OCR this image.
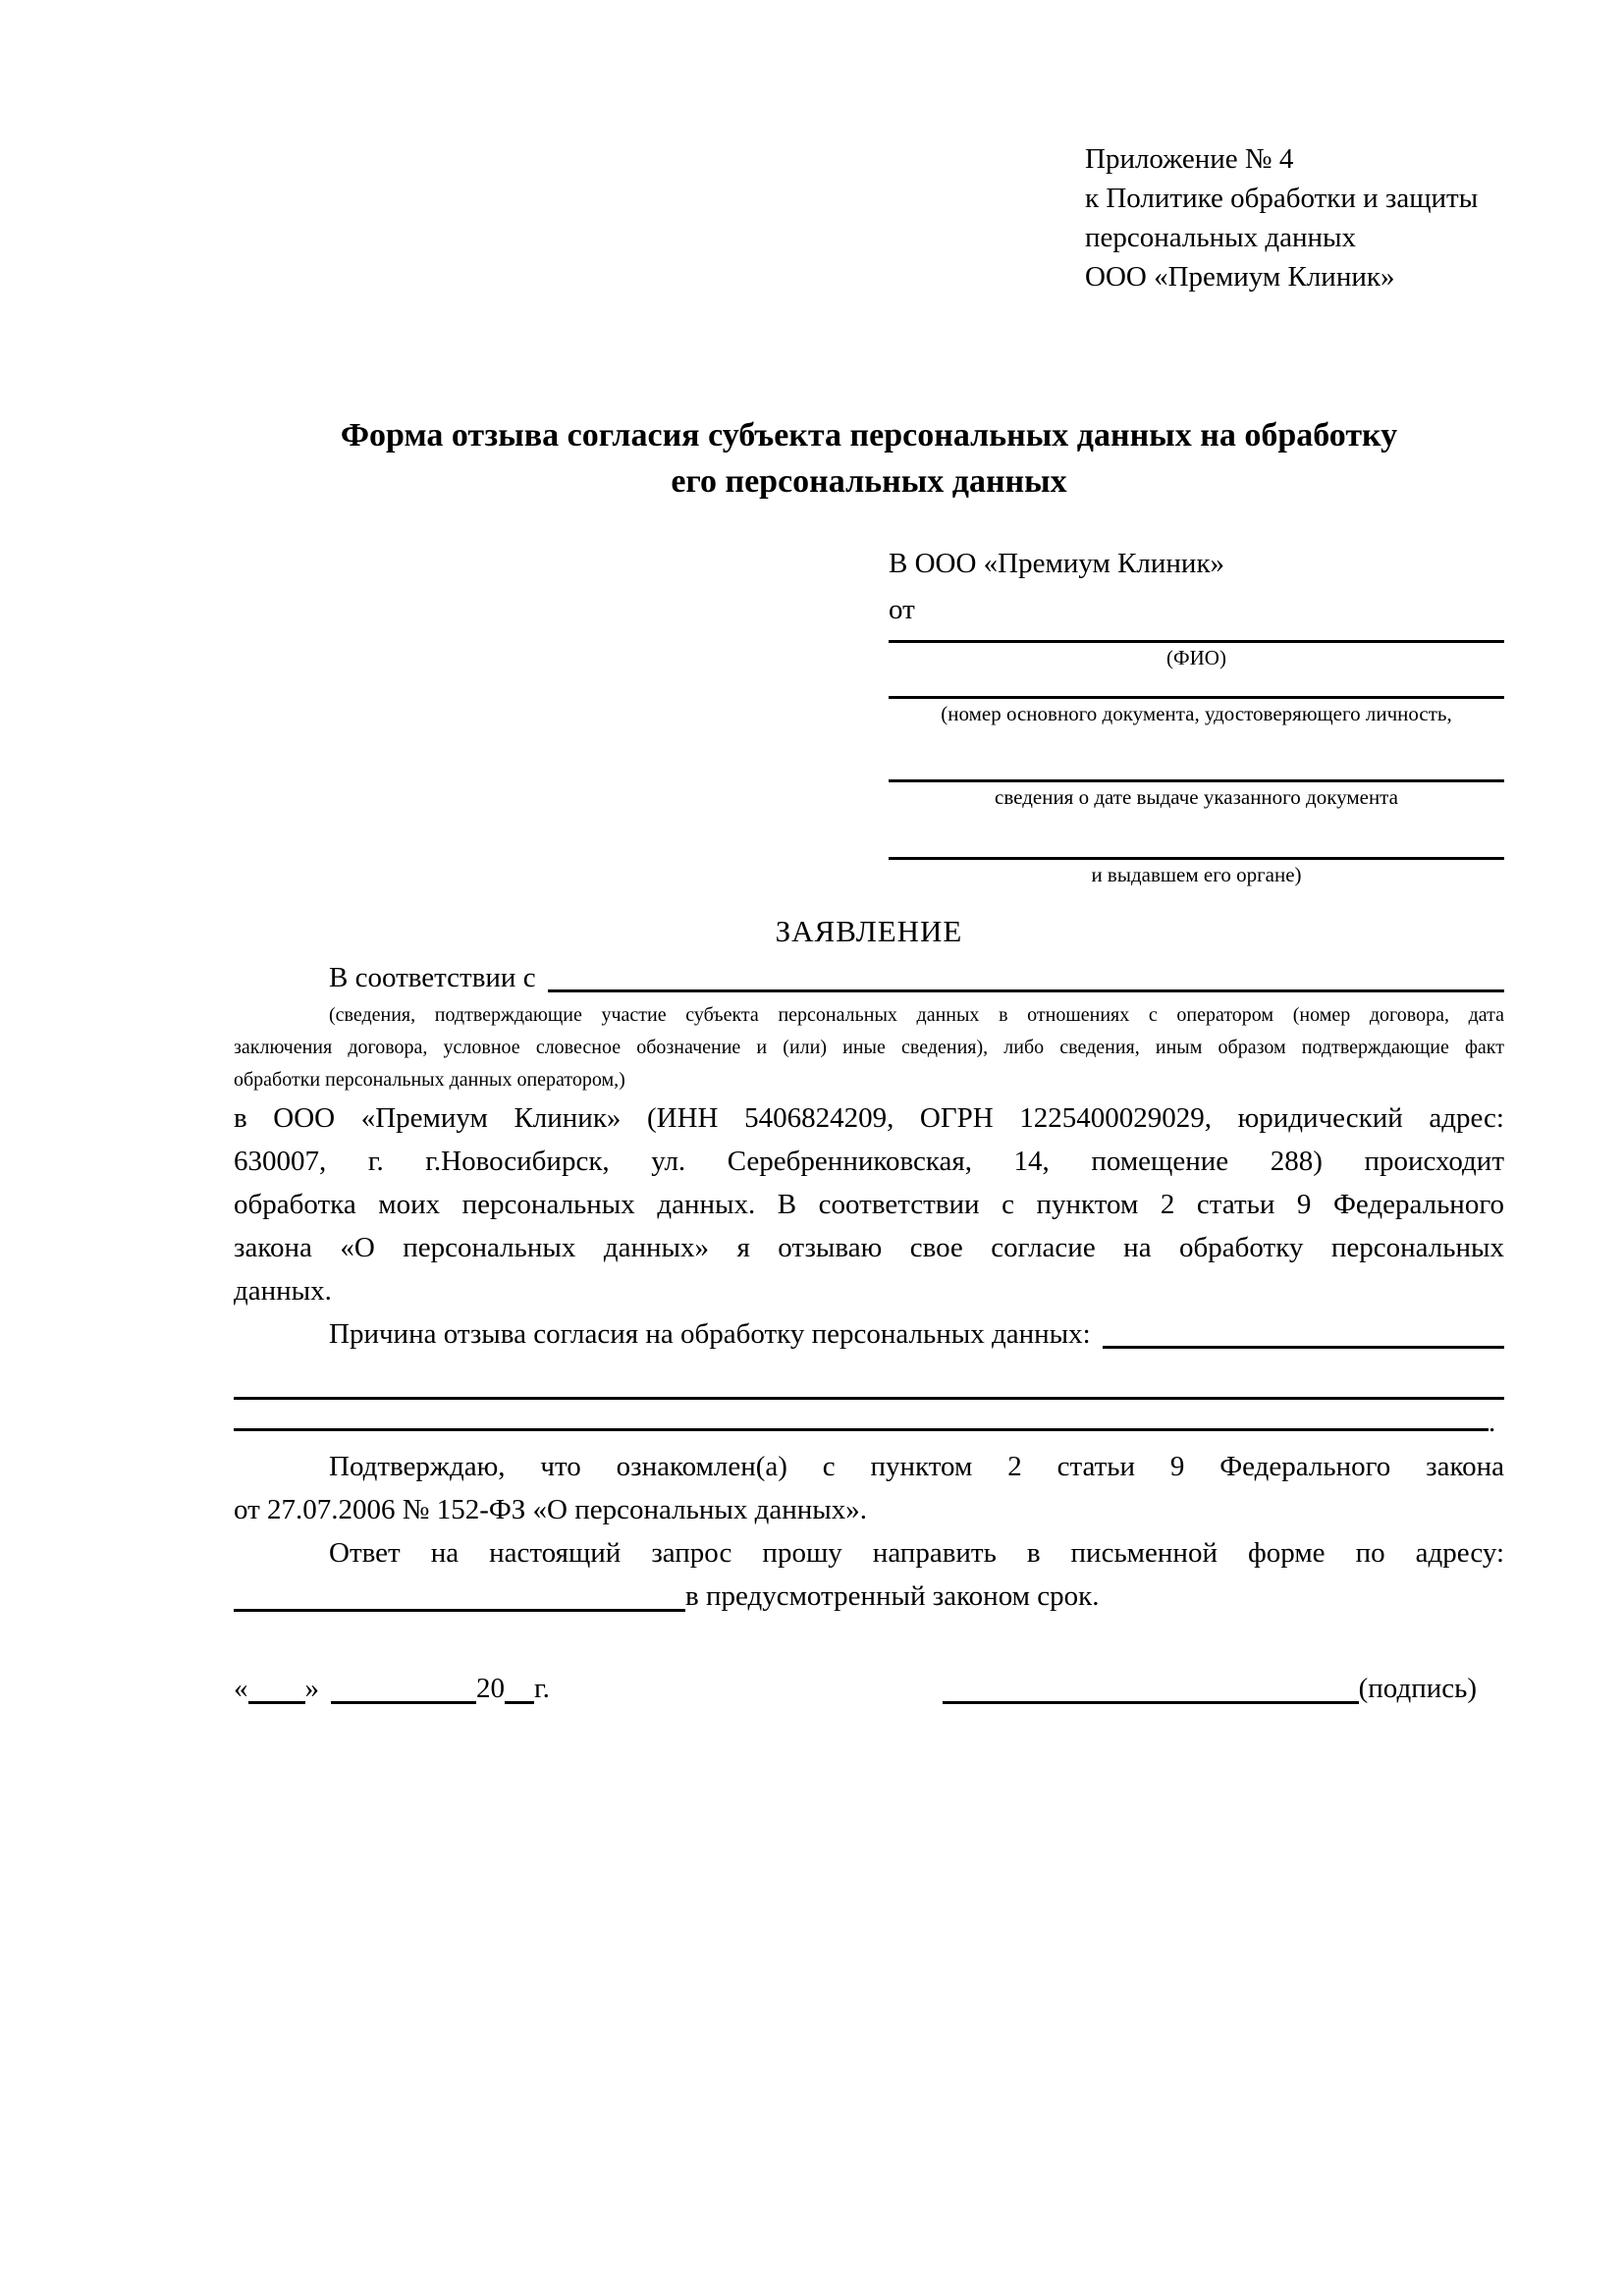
Приложение № 4
к Политике обработки и защиты
персональных данных
ООО «Премиум Клиник»
Форма отзыва согласия субъекта персональных данных на обработку
его персональных данных
В ООО «Премиум Клиник»
от
(ФИО)
(номер основного документа, удостоверяющего личность,
сведения о дате выдаче указанного документа
и выдавшем его органе)
ЗАЯВЛЕНИЕ
В соответствии с
(сведения, подтверждающие участие субъекта персональных данных в отношениях с оператором (номер договора, дата
заключения договора, условное словесное обозначение и (или) иные сведения), либо сведения, иным образом подтверждающие факт
обработки персональных данных оператором,)
в ООО «Премиум Клиник» (ИНН 5406824209, ОГРН 1225400029029, юридический адрес:
630007, г. г.Новосибирск, ул. Серебренниковская, 14, помещение 288) происходит
обработка моих персональных данных. В соответствии с пунктом 2 статьи 9 Федерального
закона «О персональных данных» я отзываю свое согласие на обработку персональных
данных.
Причина отзыва согласия на обработку персональных данных:
.
Подтверждаю, что ознакомлен(а) с пунктом 2 статьи 9 Федерального закона
от 27.07.2006 № 152-ФЗ «О персональных данных».
Ответ на настоящий запрос прошу направить в письменной форме по адресу:
в предусмотренный законом срок.
« »	20 г.	(подпись)
